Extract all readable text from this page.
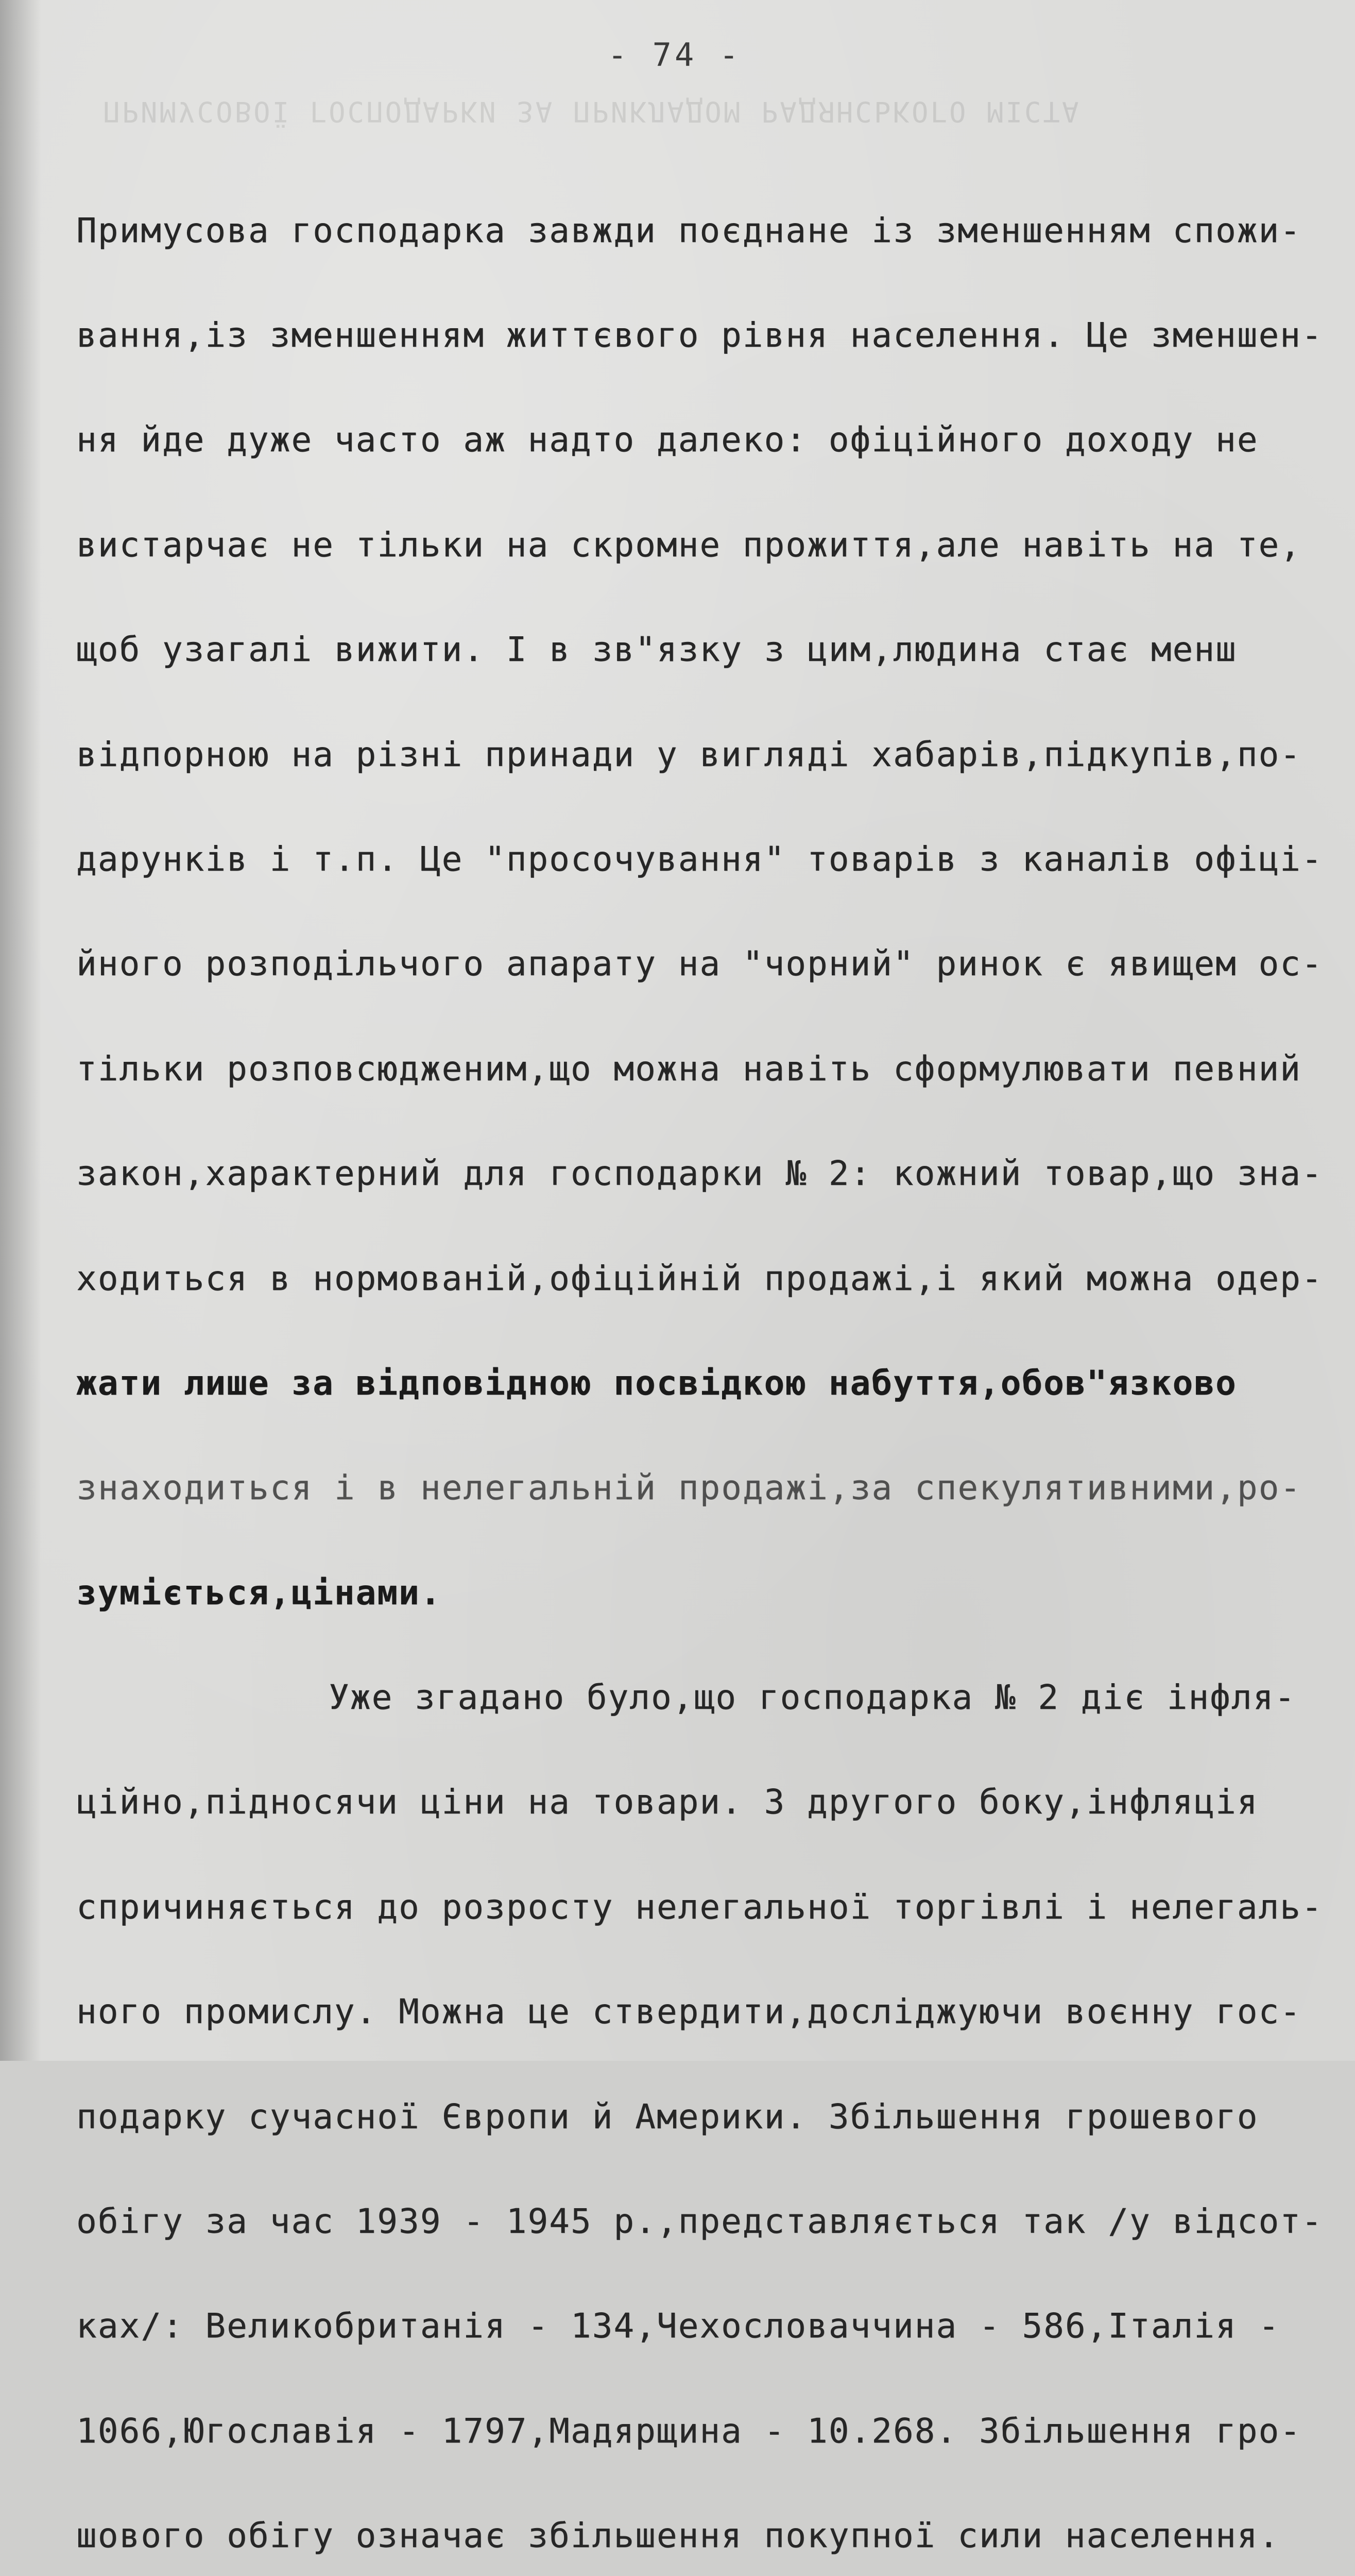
ПРИМУСОВОЇ ГОСПОДАРКИ ЗА ПРИКЛАДОМ РАДЯНСЬКОГО МІСТА
- 74 -

Примусова господарка завжди поєднане із зменшенням спожи-

вання,із зменшенням життєвого рівня населення. Це зменшен-

ня йде дуже часто аж надто далеко: офіційного доходу не

вистарчає не тільки на скромне прожиття,але навіть на те,

щоб узагалі вижити. І в зв"язку з цим,людина стає менш

відпорною на різні принади у вигляді хабарів,підкупів,по-

дарунків і т.п. Це "просочування" товарів з каналів офіці-

йного розподільчого апарату на "чорний" ринок є явищем ос-

тільки розповсюдженим,що можна навіть сформулювати певний

закон,характерний для господарки № 2: кожний товар,що зна-

ходиться в нормованій,офіційній продажі,і який можна одер-

жати лише за відповідною посвідкою набуття,обов"язково

знаходиться і в нелегальній продажі,за спекулятивними,ро-

зуміється,цінами.

Уже згадано було,що господарка № 2 діє інфля-

ційно,підносячи ціни на товари. З другого боку,інфляція

спричиняється до розросту нелегальної торгівлі і нелегаль-

ного промислу. Можна це ствердити,досліджуючи воєнну гос-

подарку сучасної Європи й Америки. Збільшення грошевого

обігу за час 1939 - 1945 р.,представляється так /у відсот-

ках/: Великобританія - 134,Чехословаччина - 586,Італія -

1066,Югославія - 1797,Мадярщина - 10.268. Збільшення гро-

шового обігу означає збільшення покупної сили населення.
